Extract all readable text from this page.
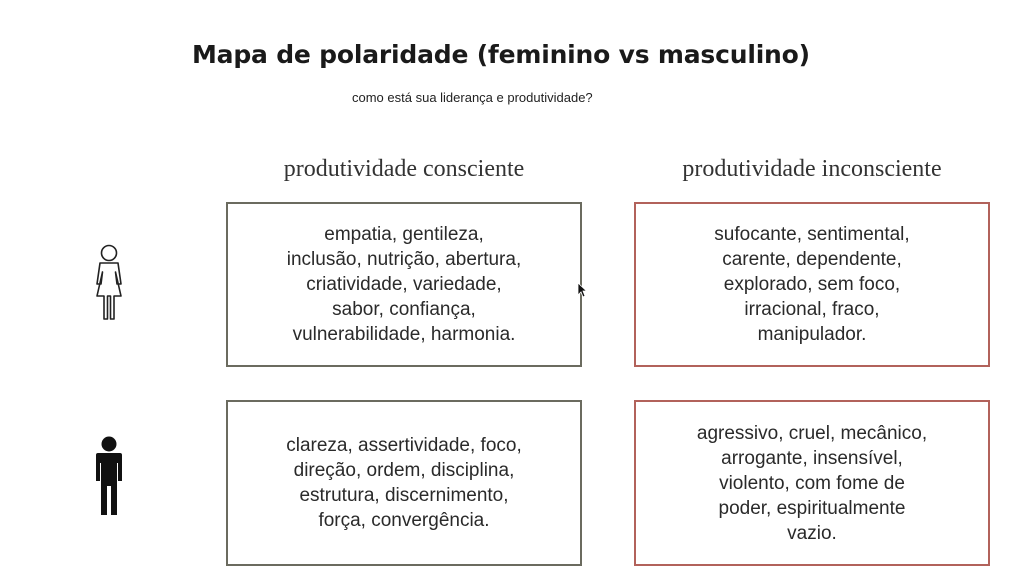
Mapa de polaridade (feminino vs masculino)
como está sua liderança e produtividade?
produtividade consciente	produtividade inconsciente
empatia, gentileza,
inclusão, nutrição, abertura,
criatividade, variedade,
sabor, confiança,
vulnerabilidade, harmonia.
sufocante, sentimental,
carente, dependente,
explorado, sem foco,
irracional, fraco,
manipulador.
clareza, assertividade, foco,
direção, ordem, disciplina,
estrutura, discernimento,
força, convergência.
agressivo, cruel, mecânico,
arrogante, insensível,
violento, com fome de
poder, espiritualmente
vazio.
